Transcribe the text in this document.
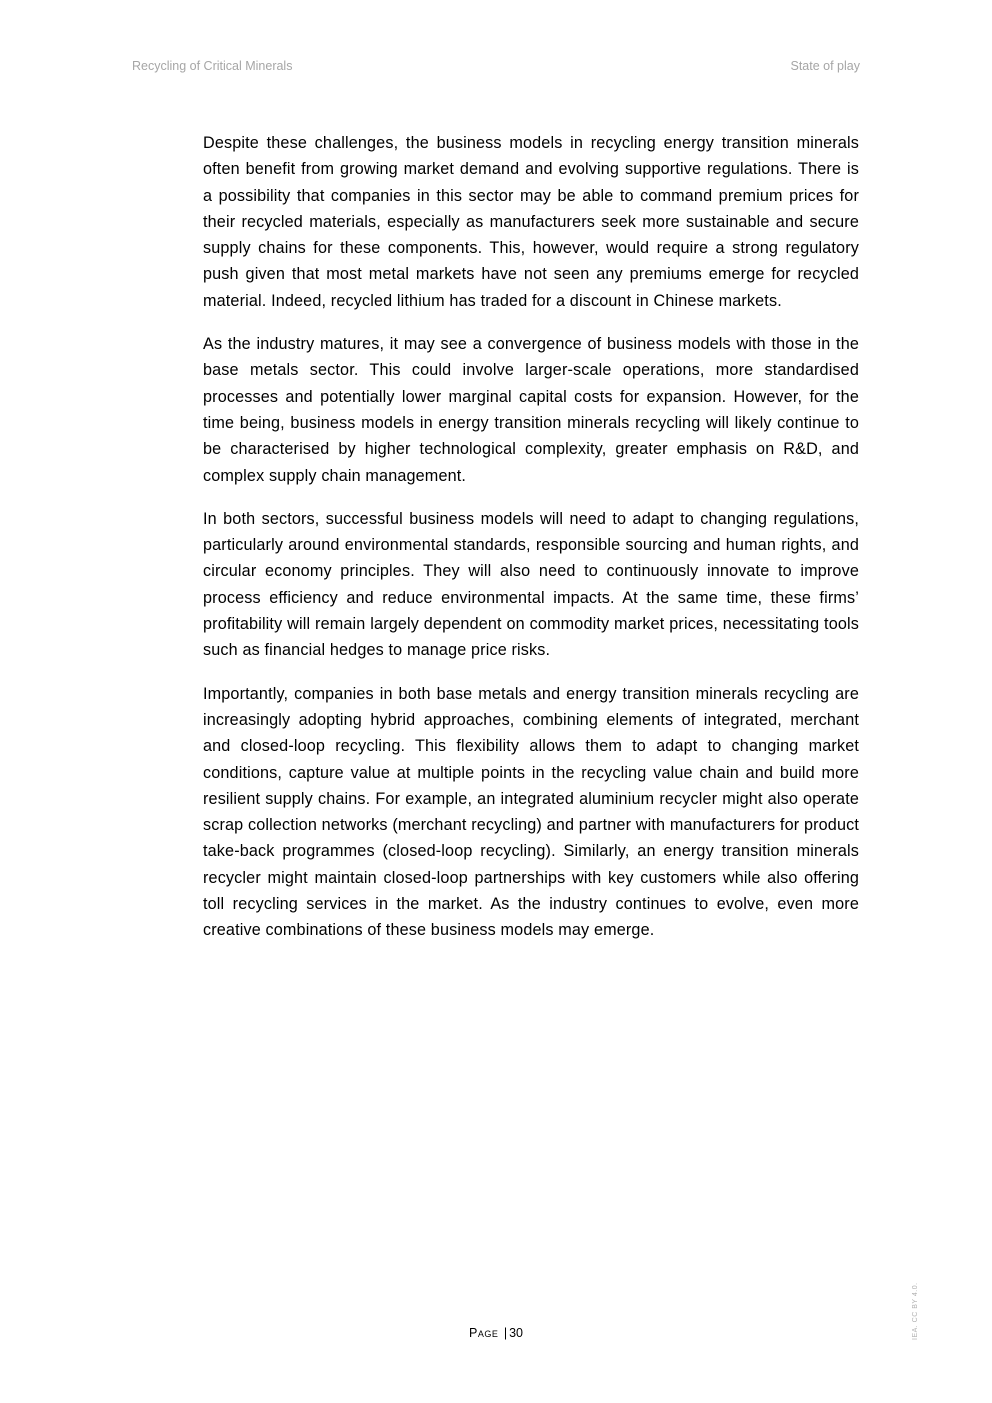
Recycling of Critical Minerals	State of play

Despite these challenges, the business models in recycling energy transition minerals often benefit from growing market demand and evolving supportive regulations. There is a possibility that companies in this sector may be able to command premium prices for their recycled materials, especially as manufacturers seek more sustainable and secure supply chains for these components. This, however, would require a strong regulatory push given that most metal markets have not seen any premiums emerge for recycled material. Indeed, recycled lithium has traded for a discount in Chinese markets.

As the industry matures, it may see a convergence of business models with those in the base metals sector. This could involve larger-scale operations, more standardised processes and potentially lower marginal capital costs for expansion. However, for the time being, business models in energy transition minerals recycling will likely continue to be characterised by higher technological complexity, greater emphasis on R&D, and complex supply chain management.

In both sectors, successful business models will need to adapt to changing regulations, particularly around environmental standards, responsible sourcing and human rights, and circular economy principles. They will also need to continuously innovate to improve process efficiency and reduce environmental impacts. At the same time, these firms’ profitability will remain largely dependent on commodity market prices, necessitating tools such as financial hedges to manage price risks.

Importantly, companies in both base metals and energy transition minerals recycling are increasingly adopting hybrid approaches, combining elements of integrated, merchant and closed-loop recycling. This flexibility allows them to adapt to changing market conditions, capture value at multiple points in the recycling value chain and build more resilient supply chains. For example, an integrated aluminium recycler might also operate scrap collection networks (merchant recycling) and partner with manufacturers for product take-back programmes (closed-loop recycling). Similarly, an energy transition minerals recycler might maintain closed-loop partnerships with key customers while also offering toll recycling services in the market. As the industry continues to evolve, even more creative combinations of these business models may emerge.

Page | 30	IEA. CC BY 4.0.
